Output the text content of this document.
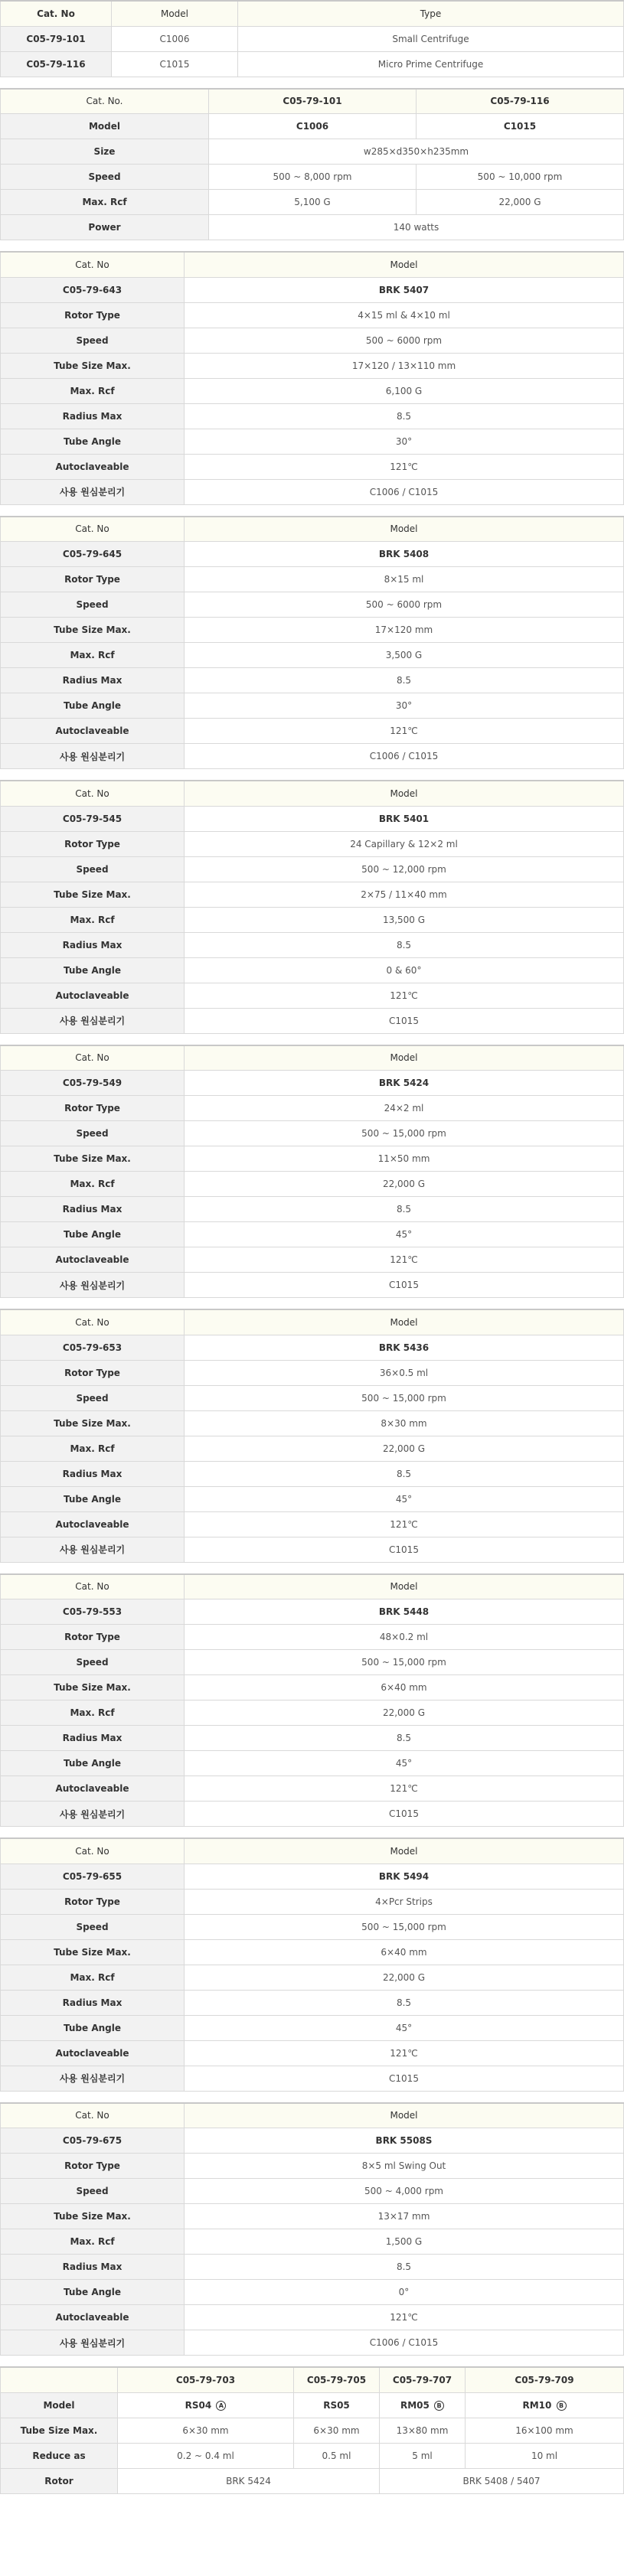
Cat. No	Model	Type
C05-79-101	C1006	Small Centrifuge
C05-79-116	C1015	Micro Prime Centrifuge
Cat. No.	C05-79-101	C05-79-116
Model	C1006	C1015
Size	w285×d350×h235mm	
Speed	500 ~ 8,000 rpm	500 ~ 10,000 rpm
Max. Rcf	5,100 G	22,000 G
Power	140 watts	
Cat. No	Model
C05-79-643	BRK 5407
Rotor Type	4×15 ml & 4×10 ml
Speed	500 ~ 6000 rpm
Tube Size Max.	17×120 / 13×110 mm
Max. Rcf	6,100 G
Radius Max	8.5
Tube Angle	30°
Autoclaveable	121℃
사용 원심분리기	C1006 / C1015
Cat. No	Model
C05-79-645	BRK 5408
Rotor Type	8×15 ml
Speed	500 ~ 6000 rpm
Tube Size Max.	17×120 mm
Max. Rcf	3,500 G
Radius Max	8.5
Tube Angle	30°
Autoclaveable	121℃
사용 원심분리기	C1006 / C1015
Cat. No	Model
C05-79-545	BRK 5401
Rotor Type	24 Capillary & 12×2 ml
Speed	500 ~ 12,000 rpm
Tube Size Max.	2×75 / 11×40 mm
Max. Rcf	13,500 G
Radius Max	8.5
Tube Angle	0 & 60°
Autoclaveable	121℃
사용 원심분리기	C1015
Cat. No	Model
C05-79-549	BRK 5424
Rotor Type	24×2 ml
Speed	500 ~ 15,000 rpm
Tube Size Max.	11×50 mm
Max. Rcf	22,000 G
Radius Max	8.5
Tube Angle	45°
Autoclaveable	121℃
사용 원심분리기	C1015
Cat. No	Model
C05-79-653	BRK 5436
Rotor Type	36×0.5 ml
Speed	500 ~ 15,000 rpm
Tube Size Max.	8×30 mm
Max. Rcf	22,000 G
Radius Max	8.5
Tube Angle	45°
Autoclaveable	121℃
사용 원심분리기	C1015
Cat. No	Model
C05-79-553	BRK 5448
Rotor Type	48×0.2 ml
Speed	500 ~ 15,000 rpm
Tube Size Max.	6×40 mm
Max. Rcf	22,000 G
Radius Max	8.5
Tube Angle	45°
Autoclaveable	121℃
사용 원심분리기	C1015
Cat. No	Model
C05-79-655	BRK 5494
Rotor Type	4×Pcr Strips
Speed	500 ~ 15,000 rpm
Tube Size Max.	6×40 mm
Max. Rcf	22,000 G
Radius Max	8.5
Tube Angle	45°
Autoclaveable	121℃
사용 원심분리기	C1015
Cat. No	Model
C05-79-675	BRK 5508S
Rotor Type	8×5 ml Swing Out
Speed	500 ~ 4,000 rpm
Tube Size Max.	13×17 mm
Max. Rcf	1,500 G
Radius Max	8.5
Tube Angle	0°
Autoclaveable	121℃
사용 원심분리기	C1006 / C1015
	C05-79-703	C05-79-705	C05-79-707	C05-79-709
Model	RS04 A	RS05	RM05 B	RM10 B
Tube Size Max.	6×30 mm	6×30 mm	13×80 mm	16×100 mm
Reduce as	0.2 ~ 0.4 ml	0.5 ml	5 ml	10 ml
Rotor	BRK 5424		BRK 5408 / 5407	
